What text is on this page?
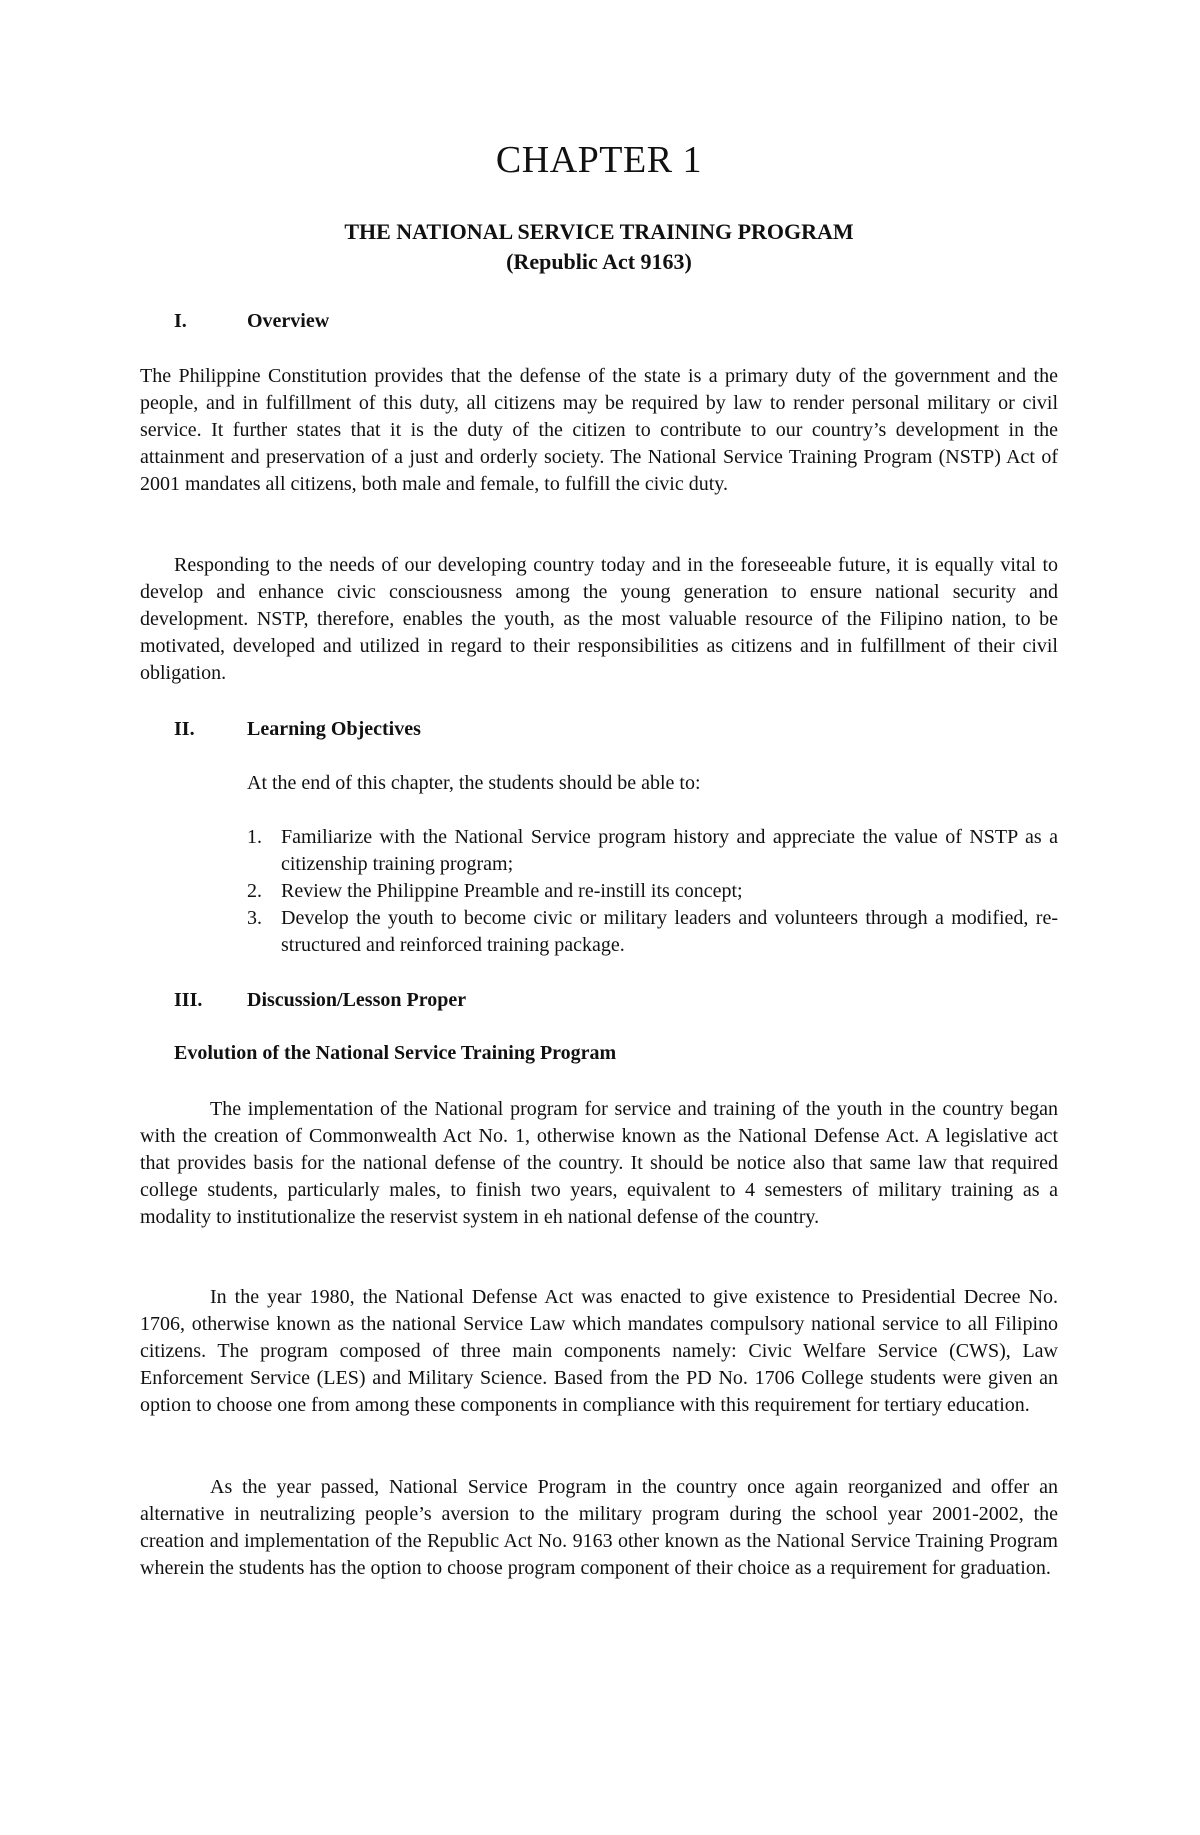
CHAPTER 1
THE NATIONAL SERVICE TRAINING PROGRAM
(Republic Act 9163)
I.	Overview

The Philippine Constitution provides that the defense of the state is a primary duty of the government and the people, and in fulfillment of this duty, all citizens may be required by law to render personal military or civil service. It further states that it is the duty of the citizen to contribute to our country’s development in the attainment and preservation of a just and orderly society. The National Service Training Program (NSTP) Act of 2001 mandates all citizens, both male and female, to fulfill the civic duty.

Responding to the needs of our developing country today and in the foreseeable future, it is equally vital to develop and enhance civic consciousness among the young generation to ensure national security and development. NSTP, therefore, enables the youth, as the most valuable resource of the Filipino nation, to be motivated, developed and utilized in regard to their responsibilities as citizens and in fulfillment of their civil obligation.

II.	Learning Objectives

At the end of this chapter, the students should be able to:

1. Familiarize with the National Service program history and appreciate the value of NSTP as a citizenship training program;
2. Review the Philippine Preamble and re-instill its concept;
3. Develop the youth to become civic or military leaders and volunteers through a modified, re-structured and reinforced training package.
III. Discussion/Lesson Proper
Evolution of the National Service Training Program

The implementation of the National program for service and training of the youth in the country began with the creation of Commonwealth Act No. 1, otherwise known as the National Defense Act. A legislative act that provides basis for the national defense of the country. It should be notice also that same law that required college students, particularly males, to finish two years, equivalent to 4 semesters of military training as a modality to institutionalize the reservist system in eh national defense of the country.

In the year 1980, the National Defense Act was enacted to give existence to Presidential Decree No. 1706, otherwise known as the national Service Law which mandates compulsory national service to all Filipino citizens. The program composed of three main components namely: Civic Welfare Service (CWS), Law Enforcement Service (LES) and Military Science. Based from the PD No. 1706 College students were given an option to choose one from among these components in compliance with this requirement for tertiary education.

As the year passed, National Service Program in the country once again reorganized and offer an alternative in neutralizing people’s aversion to the military program during the school year 2001-2002, the creation and implementation of the Republic Act No. 9163 other known as the National Service Training Program wherein the students has the option to choose program component of their choice as a requirement for graduation.
